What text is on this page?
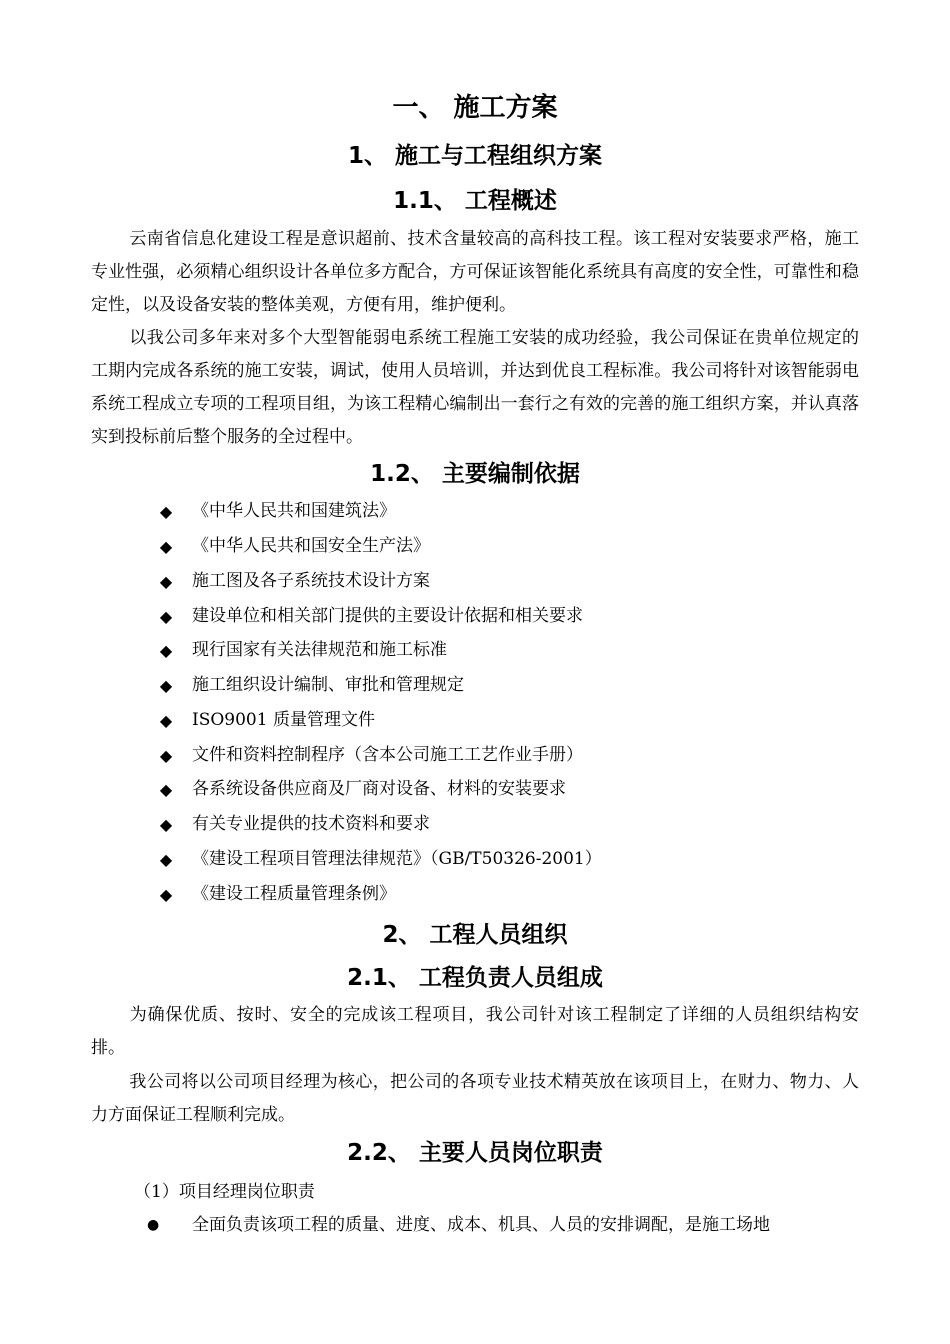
一、 施工方案
1、 施工与工程组织方案
1.1、 工程概述
云南省信息化建设工程是意识超前、技术含量较高的高科技工程。该工程对安装要求严格，施工专业性强，必须精心组织设计各单位多方配合，方可保证该智能化系统具有高度的安全性，可靠性和稳定性，以及设备安装的整体美观，方便有用，维护便利。
以我公司多年来对多个大型智能弱电系统工程施工安装的成功经验，我公司保证在贵单位规定的工期内完成各系统的施工安装，调试，使用人员培训，并达到优良工程标准。我公司将针对该智能弱电系统工程成立专项的工程项目组，为该工程精心编制出一套行之有效的完善的施工组织方案，并认真落实到投标前后整个服务的全过程中。
1.2、 主要编制依据
◆ 《中华人民共和国建筑法》
◆ 《中华人民共和国安全生产法》
◆ 施工图及各子系统技术设计方案
◆ 建设单位和相关部门提供的主要设计依据和相关要求
◆ 现行国家有关法律规范和施工标准
◆ 施工组织设计编制、审批和管理规定
◆ ISO9001 质量管理文件
◆ 文件和资料控制程序（含本公司施工工艺作业手册）
◆ 各系统设备供应商及厂商对设备、材料的安装要求
◆ 有关专业提供的技术资料和要求
◆ 《建设工程项目管理法律规范》（GB/T50326-2001）
◆ 《建设工程质量管理条例》
2、 工程人员组织
2.1、 工程负责人员组成
为确保优质、按时、安全的完成该工程项目，我公司针对该工程制定了详细的人员组织结构安排。
我公司将以公司项目经理为核心，把公司的各项专业技术精英放在该项目上，在财力、物力、人力方面保证工程顺利完成。
2.2、 主要人员岗位职责
（1）项目经理岗位职责
● 全面负责该项工程的质量、进度、成本、机具、人员的安排调配，是施工场地
